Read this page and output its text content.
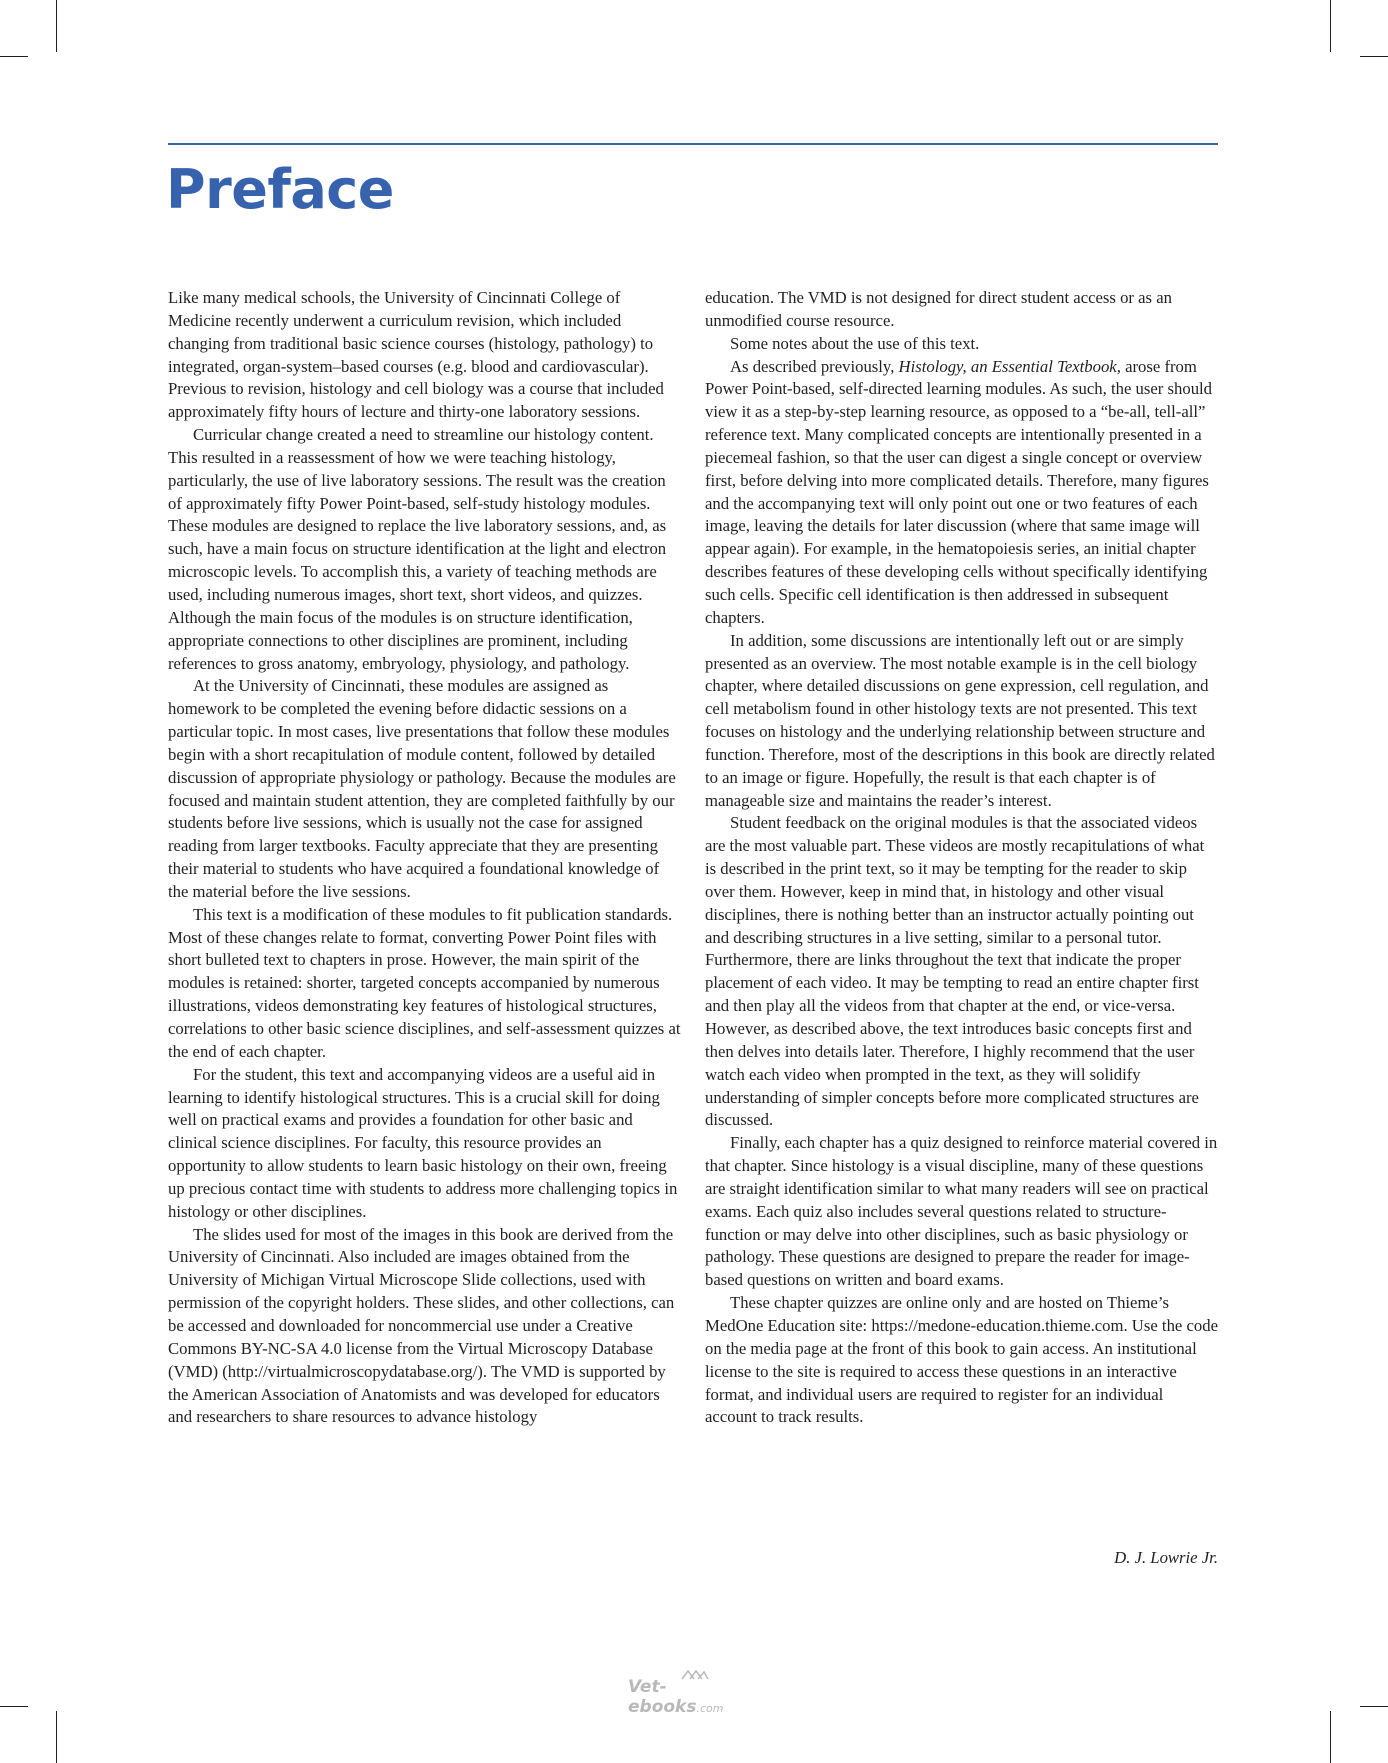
Preface

Like many medical schools, the University of Cincinnati College of Medicine recently underwent a curriculum revision, which included changing from traditional basic science courses (histology, pathology) to integrated, organ-system–based courses (e.g. blood and cardiovascular). Previous to revision, histology and cell biology was a course that included approximately fifty hours of lecture and thirty-one laboratory sessions.

Curricular change created a need to streamline our histology content. This resulted in a reassessment of how we were teaching histology, particularly, the use of live laboratory sessions. The result was the creation of approximately fifty Power Point-based, self-study histology modules. These modules are designed to replace the live laboratory sessions, and, as such, have a main focus on structure identification at the light and electron microscopic levels. To accomplish this, a variety of teaching methods are used, including numerous images, short text, short videos, and quizzes. Although the main focus of the modules is on structure identification, appropriate connections to other disciplines are prominent, including references to gross anatomy, embryology, physiology, and pathology.

At the University of Cincinnati, these modules are assigned as homework to be completed the evening before didactic sessions on a particular topic. In most cases, live presentations that follow these modules begin with a short recapitulation of module content, followed by detailed discussion of appropriate physiology or pathology. Because the modules are focused and maintain student attention, they are completed faithfully by our students before live sessions, which is usually not the case for assigned reading from larger textbooks. Faculty appreciate that they are presenting their material to students who have acquired a foundational knowledge of the material before the live sessions.

This text is a modification of these modules to fit publication standards. Most of these changes relate to format, converting Power Point files with short bulleted text to chapters in prose. However, the main spirit of the modules is retained: shorter, targeted concepts accompanied by numerous illustrations, videos demonstrating key features of histological structures, correlations to other basic science disciplines, and self-assessment quizzes at the end of each chapter.

For the student, this text and accompanying videos are a useful aid in learning to identify histological structures. This is a crucial skill for doing well on practical exams and provides a foundation for other basic and clinical science disciplines. For faculty, this resource provides an opportunity to allow students to learn basic histology on their own, freeing up precious contact time with students to address more challenging topics in histology or other disciplines.

The slides used for most of the images in this book are derived from the University of Cincinnati. Also included are images obtained from the University of Michigan Virtual Microscope Slide collections, used with permission of the copyright holders. These slides, and other collections, can be accessed and downloaded for noncommercial use under a Creative Commons BY-NC-SA 4.0 license from the Virtual Microscopy Database (VMD) (http://virtualmicroscopydatabase.org/). The VMD is supported by the American Association of Anatomists and was developed for educators and researchers to share resources to advance histology

education. The VMD is not designed for direct student access or as an unmodified course resource.

Some notes about the use of this text.

As described previously, Histology, an Essential Textbook, arose from Power Point-based, self-directed learning modules. As such, the user should view it as a step-by-step learning resource, as opposed to a “be-all, tell-all” reference text. Many complicated concepts are intentionally presented in a piecemeal fashion, so that the user can digest a single concept or overview first, before delving into more complicated details. Therefore, many figures and the accompanying text will only point out one or two features of each image, leaving the details for later discussion (where that same image will appear again). For example, in the hematopoiesis series, an initial chapter describes features of these developing cells without specifically identifying such cells. Specific cell identification is then addressed in subsequent chapters.

In addition, some discussions are intentionally left out or are simply presented as an overview. The most notable example is in the cell biology chapter, where detailed discussions on gene expression, cell regulation, and cell metabolism found in other histology texts are not presented. This text focuses on histology and the underlying relationship between structure and function. Therefore, most of the descriptions in this book are directly related to an image or figure. Hopefully, the result is that each chapter is of manageable size and maintains the reader’s interest.

Student feedback on the original modules is that the associated videos are the most valuable part. These videos are mostly recapitulations of what is described in the print text, so it may be tempting for the reader to skip over them. However, keep in mind that, in histology and other visual disciplines, there is nothing better than an instructor actually pointing out and describing structures in a live setting, similar to a personal tutor. Furthermore, there are links throughout the text that indicate the proper placement of each video. It may be tempting to read an entire chapter first and then play all the videos from that chapter at the end, or vice-versa. However, as described above, the text introduces basic concepts first and then delves into details later. Therefore, I highly recommend that the user watch each video when prompted in the text, as they will solidify understanding of simpler concepts before more complicated structures are discussed.

Finally, each chapter has a quiz designed to reinforce material covered in that chapter. Since histology is a visual discipline, many of these questions are straight identification similar to what many readers will see on practical exams. Each quiz also includes several questions related to structure-function or may delve into other disciplines, such as basic physiology or pathology. These questions are designed to prepare the reader for image-based questions on written and board exams.

These chapter quizzes are online only and are hosted on Thieme’s MedOne Education site: https://medone-education.thieme.com. Use the code on the media page at the front of this book to gain access. An institutional license to the site is required to access these questions in an interactive format, and individual users are required to register for an individual account to track results.

D. J. Lowrie Jr.
Vet-ebooks.com
